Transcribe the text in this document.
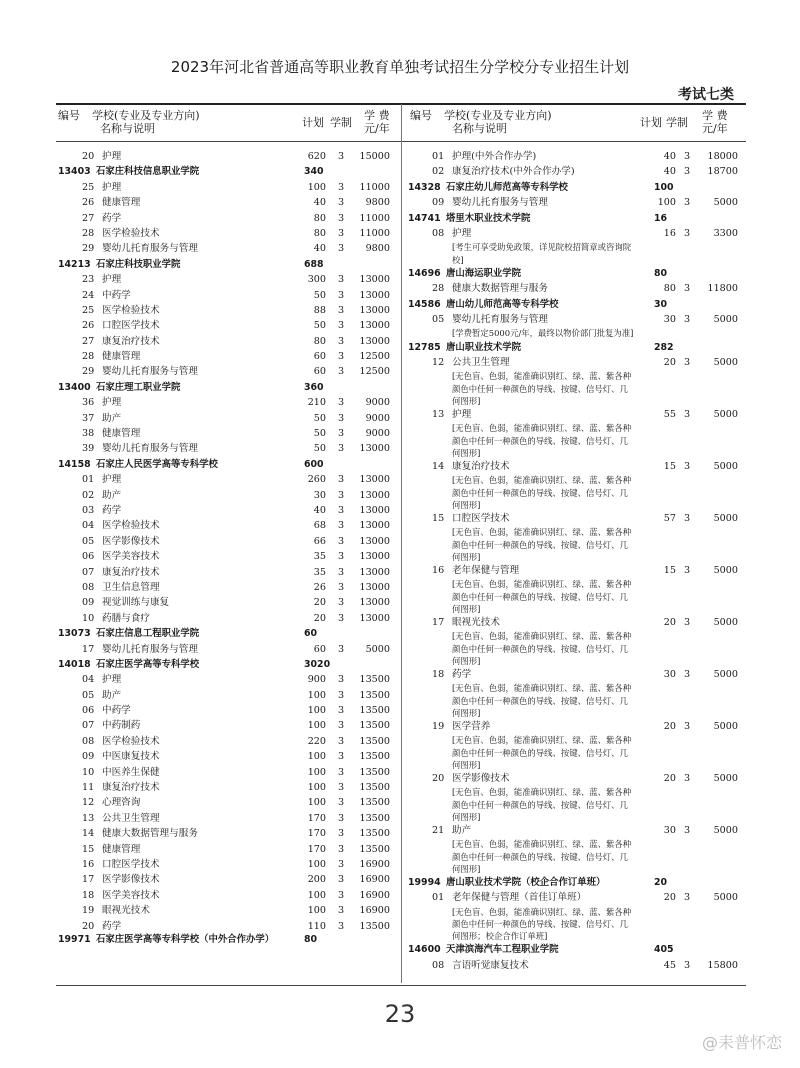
2023年河北省普通高等职业教育单独考试招生分学校分专业招生计划
考试七类
编号 学校(专业及专业方向)
名称与说明	计划 学制
学 费
元/年
编号 学校(专业及专业方向)
名称与说明	计划 学制
学 费
元/年
20 护理	620 3 15000
13403 石家庄科技信息职业学院	340
25 护理	100 3 11000
26 健康管理	40 3 9800
27 药学	80 3 11000
28 医学检验技术	80 3 11000
29 婴幼儿托育服务与管理	40 3 9800
14213 石家庄科技职业学院	688
23 护理	300 3 13000
24 中药学	50 3 13000
25 医学检验技术	88 3 13000
26 口腔医学技术	50 3 13000
27 康复治疗技术	80 3 13000
28 健康管理	60 3 12500
29 婴幼儿托育服务与管理	60 3 12500
13400 石家庄理工职业学院	360
36 护理	210 3 9000
37 助产	50 3 9000
38 健康管理	50 3 9000
39 婴幼儿托育服务与管理	50 3 13000
14158 石家庄人民医学高等专科学校	600
01 护理	260 3 13000
02 助产	30 3 13000
03 药学	40 3 13000
04 医学检验技术	68 3 13000
05 医学影像技术	66 3 13000
06 医学美容技术	35 3 13000
07 康复治疗技术	35 3 13000
08 卫生信息管理	26 3 13000
09 视觉训练与康复	20 3 13000
10 药膳与食疗	20 3 13000
13073 石家庄信息工程职业学院	60
17 婴幼儿托育服务与管理	60 3 5000
14018 石家庄医学高等专科学校	3020
04 护理	900 3 13500
05 助产	100 3 13500
06 中药学	100 3 13500
07 中药制药	100 3 13500
08 医学检验技术	220 3 13500
09 中医康复技术	100 3 13500
10 中医养生保健	100 3 13500
11 康复治疗技术	100 3 13500
12 心理咨询	100 3 13500
13 公共卫生管理	170 3 13500
14 健康大数据管理与服务	170 3 13500
15 健康管理	170 3 13500
16 口腔医学技术	100 3 16900
17 医学影像技术	200 3 16900
18 医学美容技术	100 3 16900
19 眼视光技术	100 3 16900
20 药学	110 3 13500
19971 石家庄医学高等专科学校（中外合作办学）	80
01 护理(中外合作办学)	40 3 18000
02 康复治疗技术(中外合作办学)	40 3 18700
14328 石家庄幼儿师范高等专科学校	100
09 婴幼儿托育服务与管理	100 3 5000
14741 塔里木职业技术学院	16
08 护理	16 3 3300
[考生可享受助免政策，详见院校招简章或咨询院校]
14696 唐山海运职业学院	80
28 健康大数据管理与服务	80 3 11800
14586 唐山幼儿师范高等专科学校	30
05 婴幼儿托育服务与管理	30 3 5000
[学费暂定5000元/年，最终以物价部门批复为准]
12785 唐山职业技术学院	282
12 公共卫生管理	20 3 5000
[无色盲、色弱，能准确识别红、绿、蓝、紫各种颜色中任何一种颜色的导线、按键、信号灯、几何图形]
13 护理	55 3 5000
[无色盲、色弱，能准确识别红、绿、蓝、紫各种颜色中任何一种颜色的导线、按键、信号灯、几何图形]
14 康复治疗技术	15 3 5000
[无色盲、色弱，能准确识别红、绿、蓝、紫各种颜色中任何一种颜色的导线、按键、信号灯、几何图形]
15 口腔医学技术	57 3 5000
[无色盲、色弱，能准确识别红、绿、蓝、紫各种颜色中任何一种颜色的导线、按键、信号灯、几何图形]
16 老年保健与管理	15 3 5000
[无色盲、色弱，能准确识别红、绿、蓝、紫各种颜色中任何一种颜色的导线、按键、信号灯、几何图形]
17 眼视光技术	20 3 5000
[无色盲、色弱，能准确识别红、绿、蓝、紫各种颜色中任何一种颜色的导线、按键、信号灯、几何图形]
18 药学	30 3 5000
[无色盲、色弱，能准确识别红、绿、蓝、紫各种颜色中任何一种颜色的导线、按键、信号灯、几何图形]
19 医学营养	20 3 5000
[无色盲、色弱，能准确识别红、绿、蓝、紫各种颜色中任何一种颜色的导线、按键、信号灯、几何图形]
20 医学影像技术	20 3 5000
[无色盲、色弱，能准确识别红、绿、蓝、紫各种颜色中任何一种颜色的导线、按键、信号灯、几何图形]
21 助产	30 3 5000
[无色盲、色弱，能准确识别红、绿、蓝、紫各种颜色中任何一种颜色的导线、按键、信号灯、几何图形]
19994 唐山职业技术学院（校企合作订单班）	20
01 老年保健与管理（首佳订单班）	20 3 5000
[无色盲、色弱，能准确识别红、绿、蓝、紫各种颜色中任何一种颜色的导线、按键、信号灯、几何图形；校企合作订单班]
14600 天津滨海汽车工程职业学院	405
08 言语听觉康复技术	45 3 15800
23
@耒普怀恋
